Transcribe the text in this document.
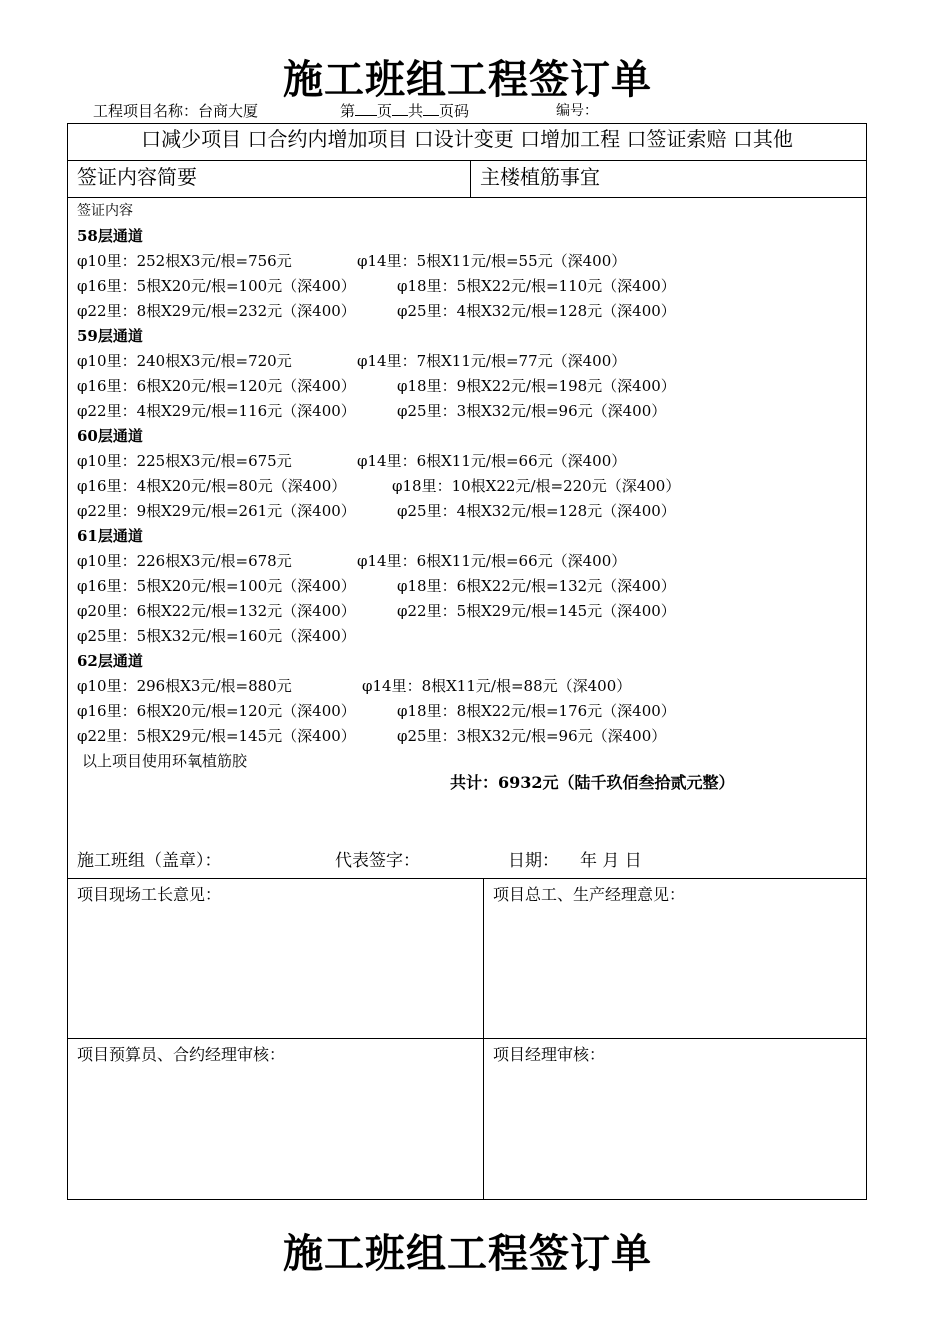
施工班组工程签订单
工程项目名称：台商大厦	第 页 共 页码	编号：
口减少项目 口合约内增加项目 口设计变更 口增加工程 口签证索赔 口其他
签证内容简要	主楼植筋事宜
签证内容
58层通道
φ10里：252根X3元/根=756元	φ14里：5根X11元/根=55元（深400）
φ16里：5根X20元/根=100元（深400）	φ18里：5根X22元/根=110元（深400）
φ22里：8根X29元/根=232元（深400）	φ25里：4根X32元/根=128元（深400）
59层通道
φ10里：240根X3元/根=720元	φ14里：7根X11元/根=77元（深400）
φ16里：6根X20元/根=120元（深400）	φ18里：9根X22元/根=198元（深400）
φ22里：4根X29元/根=116元（深400）	φ25里：3根X32元/根=96元（深400）
60层通道
φ10里：225根X3元/根=675元	φ14里：6根X11元/根=66元（深400）
φ16里：4根X20元/根=80元（深400）	φ18里：10根X22元/根=220元（深400）
φ22里：9根X29元/根=261元（深400）	φ25里：4根X32元/根=128元（深400）
61层通道
φ10里：226根X3元/根=678元	φ14里：6根X11元/根=66元（深400）
φ16里：5根X20元/根=100元（深400）	φ18里：6根X22元/根=132元（深400）
φ20里：6根X22元/根=132元（深400）	φ22里：5根X29元/根=145元（深400）
φ25里：5根X32元/根=160元（深400）
62层通道
φ10里：296根X3元/根=880元	φ14里：8根X11元/根=88元（深400）
φ16里：6根X20元/根=120元（深400）	φ18里：8根X22元/根=176元（深400）
φ22里：5根X29元/根=145元（深400）	φ25里：3根X32元/根=96元（深400）
以上项目使用环氧植筋胶
共计：6932元（陆千玖佰叁拾贰元整）
施工班组（盖章）：	代表签字：	日期： 年 月 日
项目现场工长意见：	项目总工、生产经理意见：
项目预算员、合约经理审核：	项目经理审核：
施工班组工程签订单
